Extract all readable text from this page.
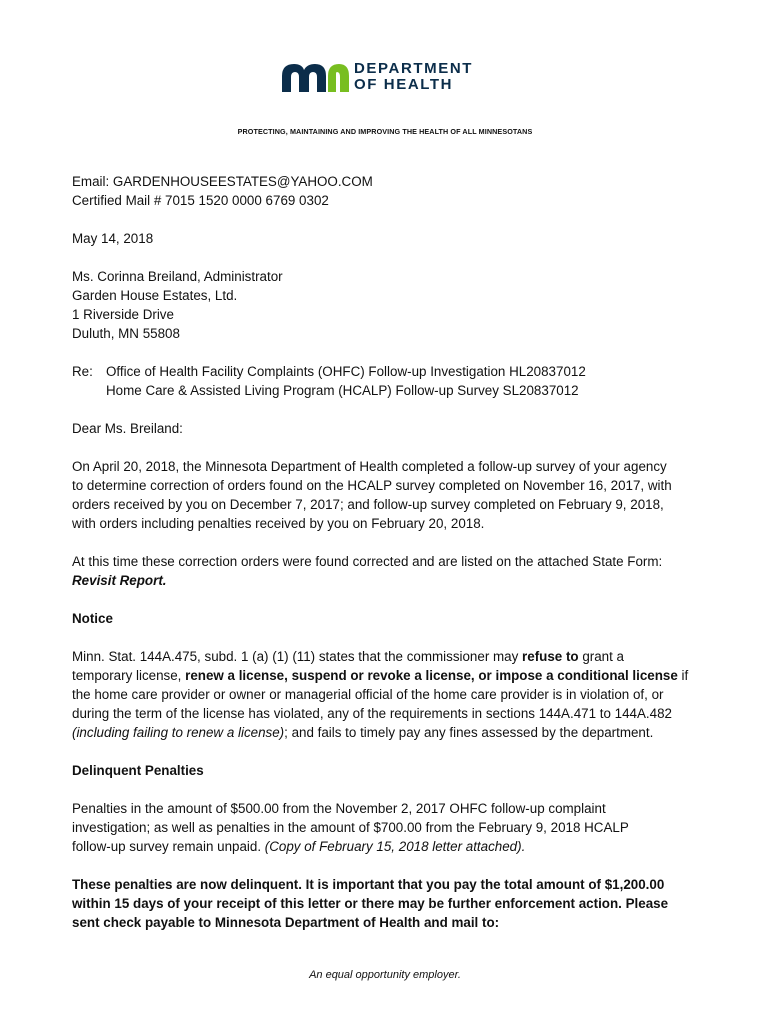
DEPARTMENT
OF HEALTH
PROTECTING, MAINTAINING AND IMPROVING THE HEALTH OF ALL MINNESOTANS
Email: GARDENHOUSEESTATES@YAHOO.COM
Certified Mail # 7015 1520 0000 6769 0302
May 14, 2018
Ms. Corinna Breiland, Administrator
Garden House Estates, Ltd.
1 Riverside Drive
Duluth, MN 55808
Re: Office of Health Facility Complaints (OHFC) Follow-up Investigation HL20837012
Home Care & Assisted Living Program (HCALP) Follow-up Survey SL20837012
Dear Ms. Breiland:
On April 20, 2018, the Minnesota Department of Health completed a follow-up survey of your agency
to determine correction of orders found on the HCALP survey completed on November 16, 2017, with
orders received by you on December 7, 2017; and follow-up survey completed on February 9, 2018,
with orders including penalties received by you on February 20, 2018.
At this time these correction orders were found corrected and are listed on the attached State Form:
Revisit Report.
Notice
Minn. Stat. 144A.475, subd. 1 (a) (1) (11) states that the commissioner may refuse to grant a
temporary license, renew a license, suspend or revoke a license, or impose a conditional license if
the home care provider or owner or managerial official of the home care provider is in violation of, or
during the term of the license has violated, any of the requirements in sections 144A.471 to 144A.482
(including failing to renew a license); and fails to timely pay any fines assessed by the department.
Delinquent Penalties
Penalties in the amount of $500.00 from the November 2, 2017 OHFC follow-up complaint
investigation; as well as penalties in the amount of $700.00 from the February 9, 2018 HCALP
follow-up survey remain unpaid. (Copy of February 15, 2018 letter attached).
These penalties are now delinquent. It is important that you pay the total amount of $1,200.00
within 15 days of your receipt of this letter or there may be further enforcement action. Please
sent check payable to Minnesota Department of Health and mail to:
An equal opportunity employer.
